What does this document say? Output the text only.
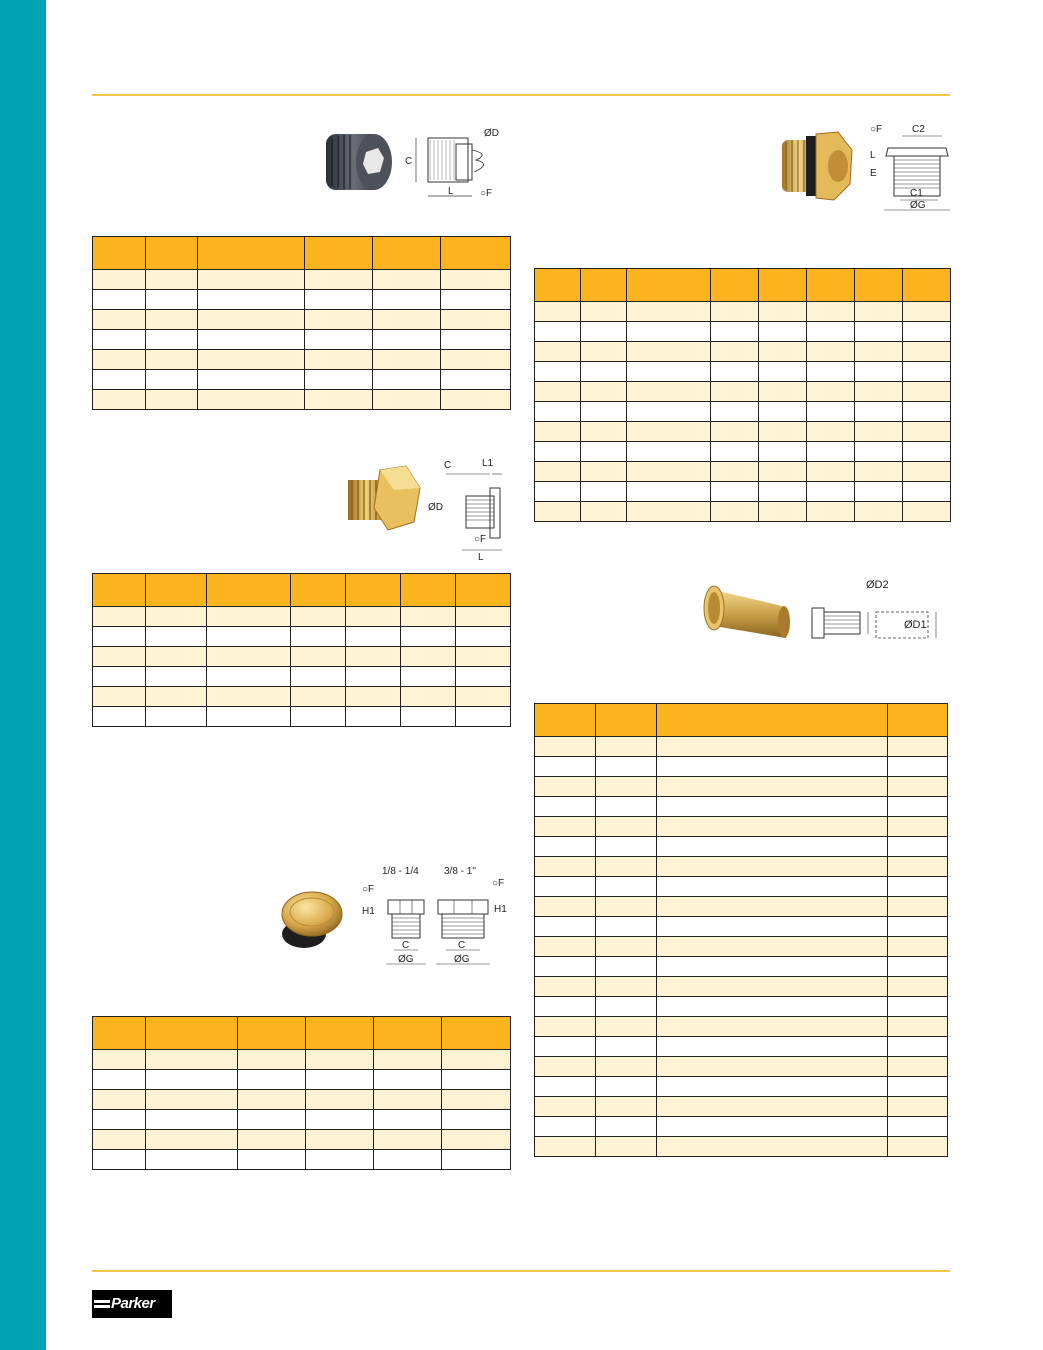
ØD
C
L	○F

C	L1
ØD
○F
L

1/8 - 1/4	3/8 - 1"
○F
H1
C
ØG
○F
H1
C
ØG

○F	C2
L
E
C1
ØG

ØD2
ØD1

Parker
